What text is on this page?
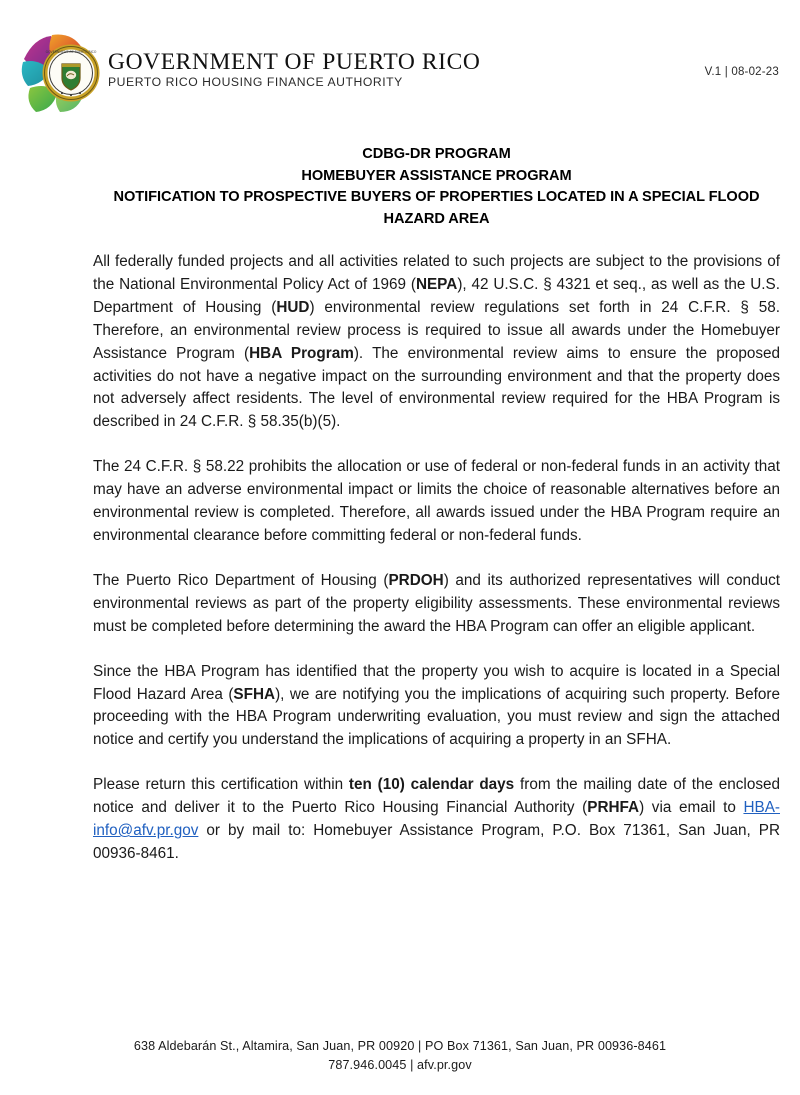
GOVERNMENT OF PUERTO RICO GOVERNMENT OF PUERTO RICO
PUERTO RICO HOUSING FINANCE AUTHORITY
V.1 | 08-02-23
CDBG-DR PROGRAM
HOMEBUYER ASSISTANCE PROGRAM
NOTIFICATION TO PROSPECTIVE BUYERS OF PROPERTIES LOCATED IN A SPECIAL FLOOD
HAZARD AREA

All federally funded projects and all activities related to such projects are subject to the provisions of the National Environmental Policy Act of 1969 (NEPA), 42 U.S.C. § 4321 et seq., as well as the U.S. Department of Housing (HUD) environmental review regulations set forth in 24 C.F.R. § 58. Therefore, an environmental review process is required to issue all awards under the Homebuyer Assistance Program (HBA Program). The environmental review aims to ensure the proposed activities do not have a negative impact on the surrounding environment and that the property does not adversely affect residents. The level of environmental review required for the HBA Program is described in 24 C.F.R. § 58.35(b)(5).

The 24 C.F.R. § 58.22 prohibits the allocation or use of federal or non-federal funds in an activity that may have an adverse environmental impact or limits the choice of reasonable alternatives before an environmental review is completed. Therefore, all awards issued under the HBA Program require an environmental clearance before committing federal or non-federal funds.

The Puerto Rico Department of Housing (PRDOH) and its authorized representatives will conduct environmental reviews as part of the property eligibility assessments. These environmental reviews must be completed before determining the award the HBA Program can offer an eligible applicant.

Since the HBA Program has identified that the property you wish to acquire is located in a Special Flood Hazard Area (SFHA), we are notifying you the implications of acquiring such property. Before proceeding with the HBA Program underwriting evaluation, you must review and sign the attached notice and certify you understand the implications of acquiring a property in an SFHA.

Please return this certification within ten (10) calendar days from the mailing date of the enclosed notice and deliver it to the Puerto Rico Housing Financial Authority (PRHFA) via email to HBA-info@afv.pr.gov or by mail to: Homebuyer Assistance Program, P.O. Box 71361, San Juan, PR 00936-8461.

638 Aldebarán St., Altamira, San Juan, PR 00920 | PO Box 71361, San Juan, PR 00936-8461
787.946.0045 | afv.pr.gov
